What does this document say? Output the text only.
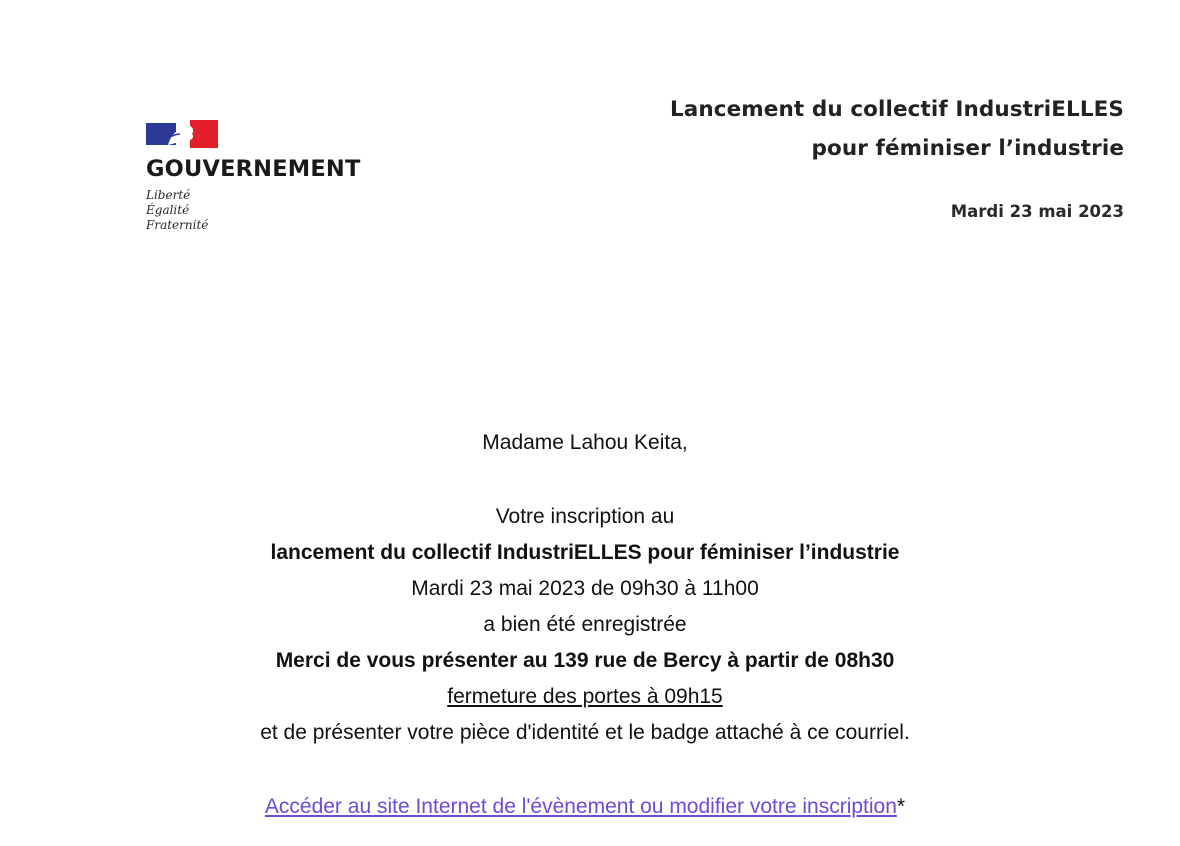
GOUVERNEMENT
Liberté
Égalité
Fraternité
Lancement du collectif IndustriELLES
pour féminiser l’industrie
Mardi 23 mai 2023

Madame Lahou Keita,

Votre inscription au

lancement du collectif IndustriELLES pour féminiser l’industrie

Mardi 23 mai 2023 de 09h30 à 11h00

a bien été enregistrée

Merci de vous présenter au 139 rue de Bercy à partir de 08h30

fermeture des portes à 09h15

et de présenter votre pièce d'identité et le badge attaché à ce courriel.

Accéder au site Internet de l'évènement ou modifier votre inscription*
